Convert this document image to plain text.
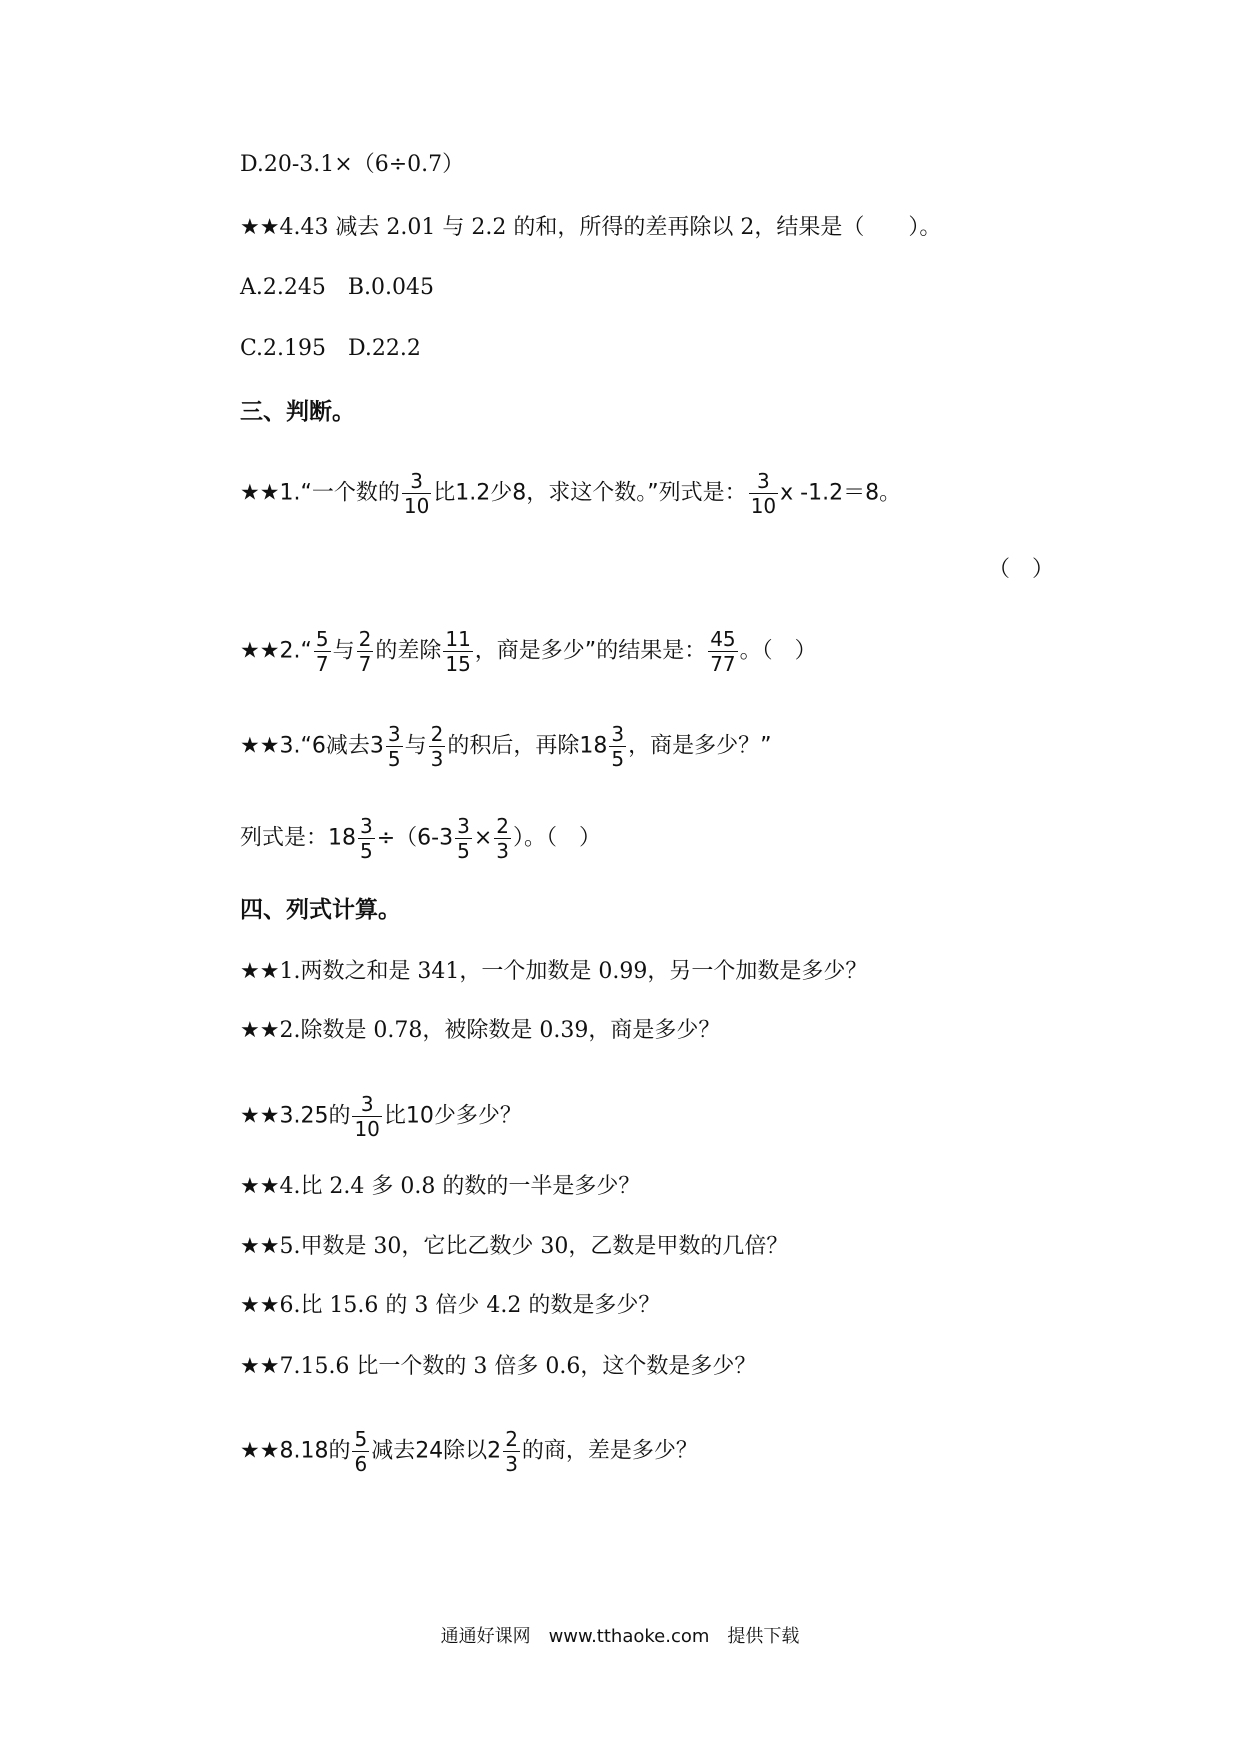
D.20-3.1×（6÷0.7）
★★4.43 减去 2.01 与 2.2 的和，所得的差再除以 2，结果是（　　）。
A.2.245　B.0.045
C.2.195　D.22.2
三、判断。
★★1.“一个数的 $\frac{3}{10}$ 比1.2少8，求这个数。”列式是： $\frac{3}{10}$ x -1.2＝8。
（　）
★★2.“ $\frac{5}{7}$ 与 $\frac{2}{7}$ 的差除 $\frac{11}{15}$ ，商是多少”的结果是： $\frac{45}{77}$ 。（　）
★★3.“6减去$3 \frac{3}{5}$ 与 $\frac{2}{3}$ 的积后，再除$18 \frac{3}{5}$ ，商是多少？”
列式是：$18 \frac{3}{5} \div(6-3 \frac{3}{5} \times \frac{2}{3}$ ）。（　）
四、列式计算。
★★1.两数之和是 341，一个加数是 0.99，另一个加数是多少？
★★2.除数是 0.78，被除数是 0.39，商是多少？
★★3.25的 $\frac{3}{10}$ 比10少多少？
★★4.比 2.4 多 0.8 的数的一半是多少？
★★5.甲数是 30，它比乙数少 30，乙数是甲数的几倍？
★★6.比 15.6 的 3 倍少 4.2 的数是多少？
★★7.15.6 比一个数的 3 倍多 0.6，这个数是多少？
★★8.18的 $\frac{5}{6}$ 减去24除以$2 \frac{2}{3}$ 的商，差是多少？
通通好课网　www.tthaoke.com　提供下载
